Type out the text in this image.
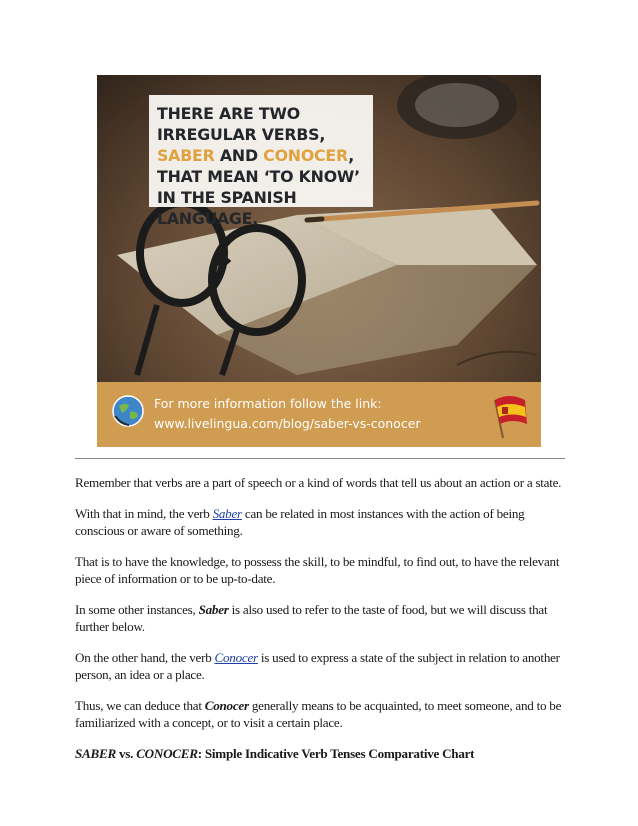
THERE ARE TWO IRREGULAR VERBS, SABER AND CONOCER, THAT MEAN ‘TO KNOW’ IN THE SPANISH LANGUAGE.

For more information follow the link:
www.livelingua.com/blog/saber-vs-conocer

Remember that verbs are a part of speech or a kind of words that tell us about an action or a state.

With that in mind, the verb Saber can be related in most instances with the action of being conscious or aware of something.

That is to have the knowledge, to possess the skill, to be mindful, to find out, to have the relevant piece of information or to be up-to-date.

In some other instances, Saber is also used to refer to the taste of food, but we will discuss that further below.

On the other hand, the verb Conocer is used to express a state of the subject in relation to another person, an idea or a place.

Thus, we can deduce that Conocer generally means to be acquainted, to meet someone, and to be familiarized with a concept, or to visit a certain place.

SABER vs. CONOCER: Simple Indicative Verb Tenses Comparative Chart
